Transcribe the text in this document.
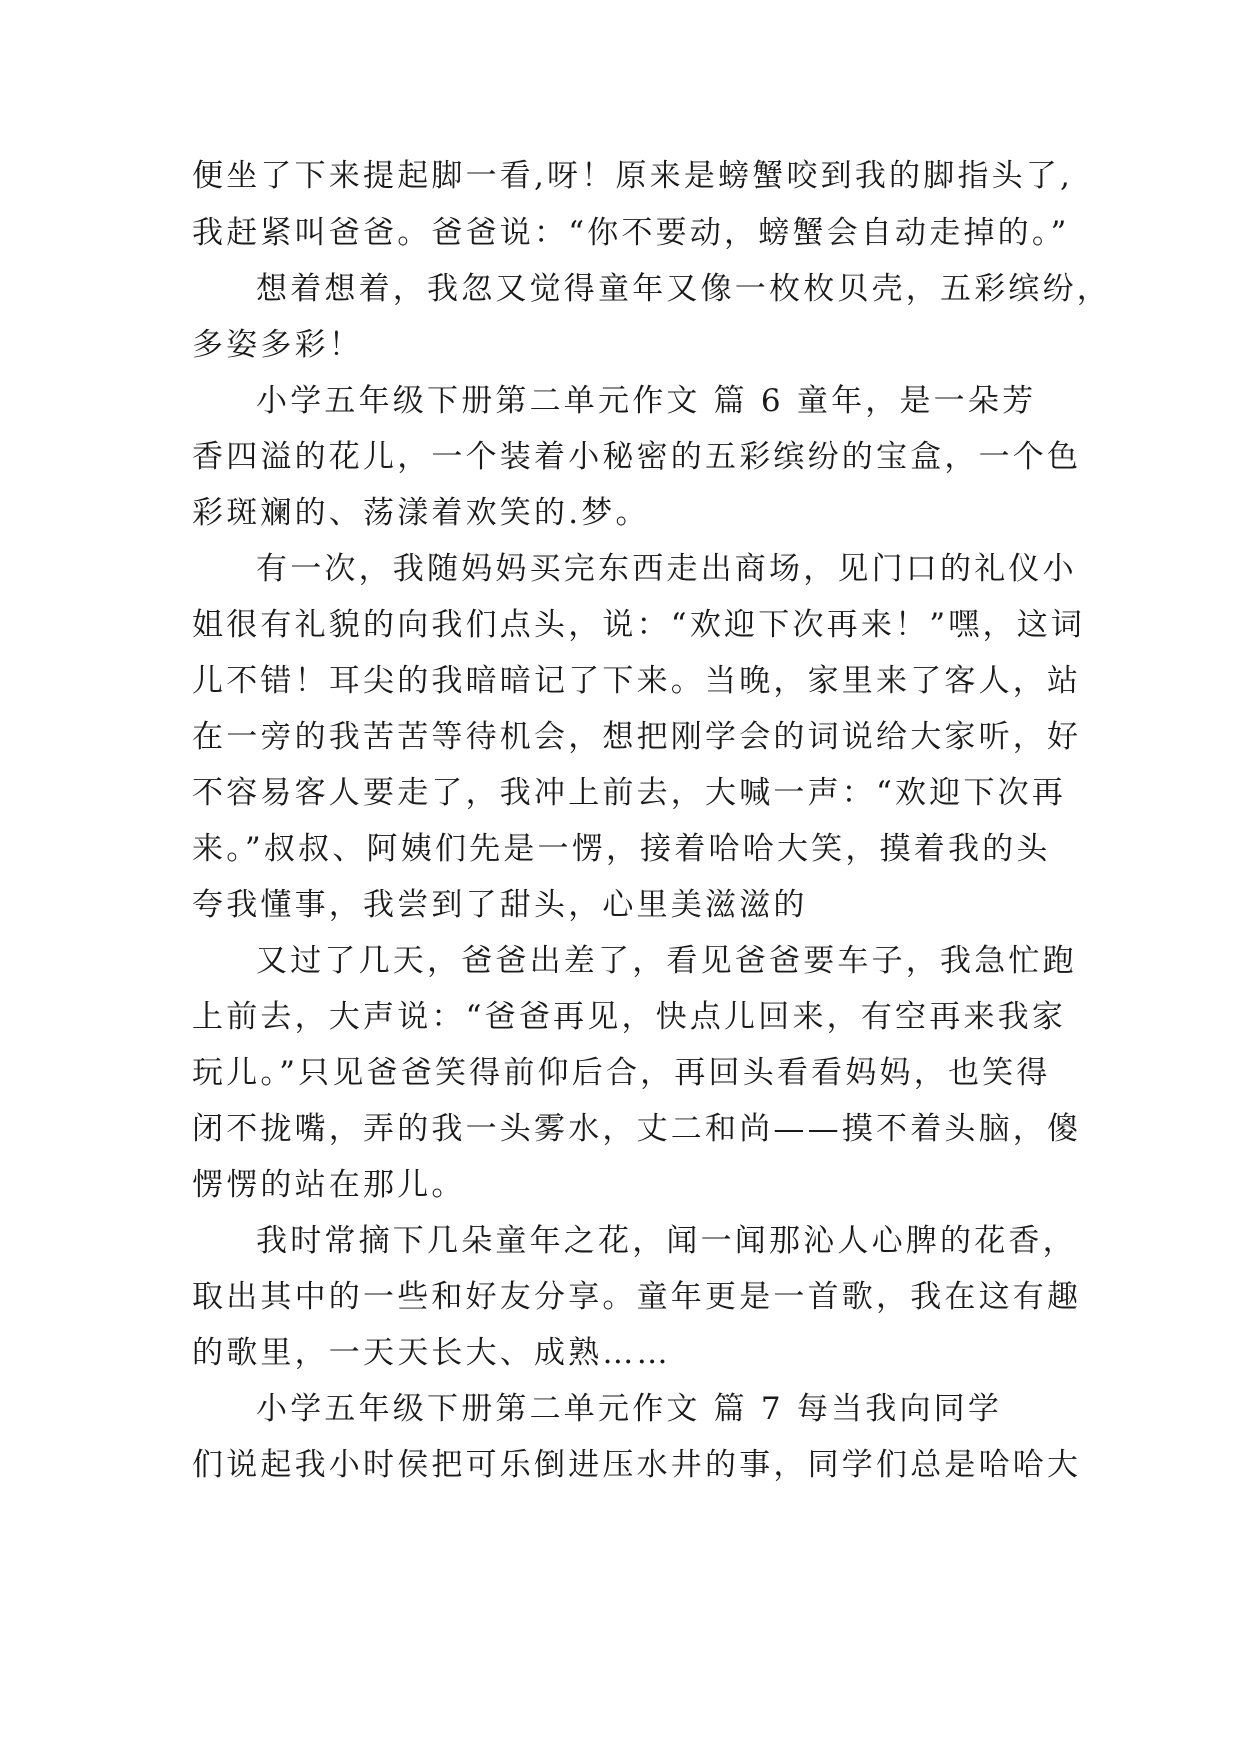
便坐了下来提起脚一看,呀！原来是螃蟹咬到我的脚指头了,
我赶紧叫爸爸。爸爸说：“你不要动，螃蟹会自动走掉的。”
想着想着，我忽又觉得童年又像一枚枚贝壳，五彩缤纷，
多姿多彩！
小学五年级下册第二单元作文 篇 6 童年，是一朵芳
香四溢的花儿，一个装着小秘密的五彩缤纷的宝盒，一个色
彩斑斓的、荡漾着欢笑的.梦。
有一次，我随妈妈买完东西走出商场，见门口的礼仪小
姐很有礼貌的向我们点头，说：“欢迎下次再来！”嘿，这词
儿不错！耳尖的我暗暗记了下来。当晚，家里来了客人，站
在一旁的我苦苦等待机会，想把刚学会的词说给大家听，好
不容易客人要走了，我冲上前去，大喊一声：“欢迎下次再
来。”叔叔、阿姨们先是一愣，接着哈哈大笑，摸着我的头
夸我懂事，我尝到了甜头，心里美滋滋的
又过了几天，爸爸出差了，看见爸爸要车子，我急忙跑
上前去，大声说：“爸爸再见，快点儿回来，有空再来我家
玩儿。”只见爸爸笑得前仰后合，再回头看看妈妈，也笑得
闭不拢嘴，弄的我一头雾水，丈二和尚——摸不着头脑，傻
愣愣的站在那儿。
我时常摘下几朵童年之花，闻一闻那沁人心脾的花香，
取出其中的一些和好友分享。童年更是一首歌，我在这有趣
的歌里，一天天长大、成熟……
小学五年级下册第二单元作文 篇 7 每当我向同学
们说起我小时侯把可乐倒进压水井的事，同学们总是哈哈大
